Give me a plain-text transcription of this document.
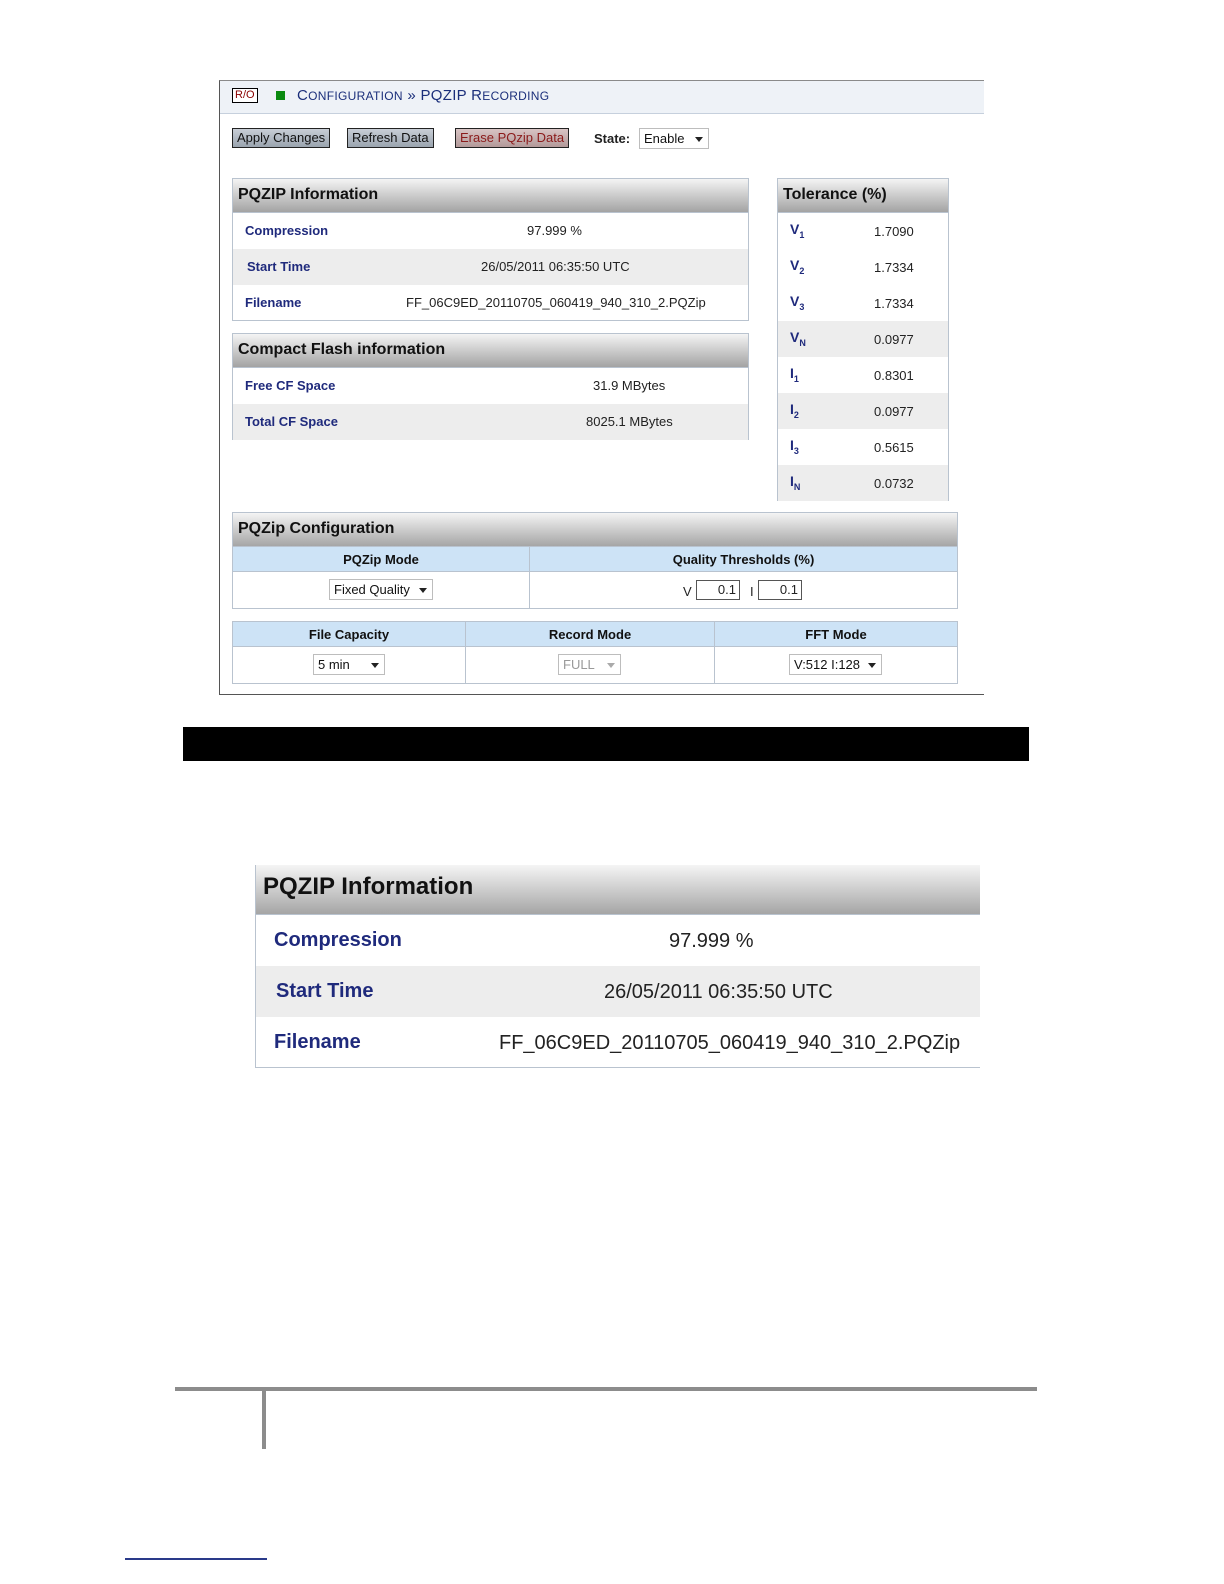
R/O	CONFIGURATION » PQZIP RECORDING
Apply Changes	Refresh Data	Erase PQzip Data	State:	Enable
PQZIP Information
Compression	97.999 %
Start Time	26/05/2011 06:35:50 UTC
Filename	FF_06C9ED_20110705_060419_940_310_2.PQZip
Compact Flash information
Free CF Space	31.9 MBytes
Total CF Space	8025.1 MBytes
Tolerance (%)
$V_1$	1.7090
$V_2$	1.7334
$V_3$	1.7334
$V_N$	0.0977
$I_1$	0.8301
$I_2$	0.0977
$I_3$	0.5615
$I_N$	0.0732
PQZip Configuration
PQZip Mode	Quality Thresholds (%)

Fixed Quality	V 0.1 I 0.1
File Capacity	Record Mode	FFT Mode

5 min	FULL	V:512 I:128
PQZIP Information
Compression	97.999 %
Start Time	26/05/2011 06:35:50 UTC
Filename	FF_06C9ED_20110705_060419_940_310_2.PQZip
